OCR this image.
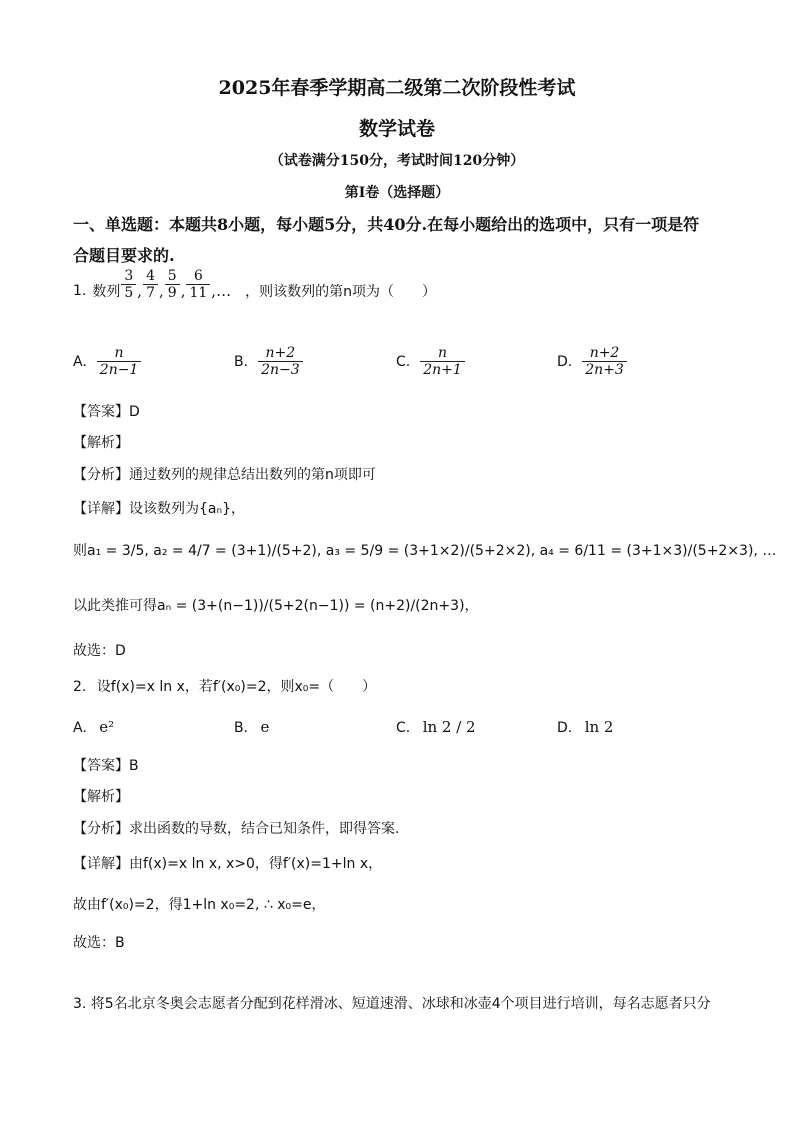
2025年春季学期高二级第二次阶段性考试
数学试卷
（试卷满分150分，考试时间120分钟）
第Ⅰ卷（选择题）
一、单选题：本题共8小题，每小题5分，共40分.在每小题给出的选项中，只有一项是符
合题目要求的.
1. 数列 $\frac{3}{5}$ , $\frac{4}{7}$ , $\frac{5}{9}$ , $\frac{6}{11}$ ,… ，则该数列的第n项为（　　）
A. $\frac{n}{2n-1}$	B. $\frac{n+2}{2n-3}$	C. $\frac{n}{2n+1}$	D. $\frac{n+2}{2n+3}$
【答案】D
【解析】
【分析】通过数列的规律总结出数列的第n项即可
【详解】设该数列为{aₙ}，
则a₁ = 3/5, a₂ = 4/7 = (3+1)/(5+2), a₃ = 5/9 = (3+1×2)/(5+2×2), a₄ = 6/11 = (3+1×3)/(5+2×3), …
以此类推可得aₙ = (3+(n−1))/(5+2(n−1)) = (n+2)/(2n+3)，
故选：D
2. 设f(x)=x ln x，若f′(x₀)=2，则x₀=（　　）
A. e²	B. e	C. ln 2 / 2	D. ln 2
【答案】B
【解析】
【分析】求出函数的导数，结合已知条件，即得答案.
【详解】由f(x)=x ln x, x>0，得f′(x)=1+ln x，
故由f′(x₀)=2，得1+ln x₀=2, ∴ x₀=e，
故选：B
3. 将5名北京冬奥会志愿者分配到花样滑冰、短道速滑、冰球和冰壶4个项目进行培训，每名志愿者只分
